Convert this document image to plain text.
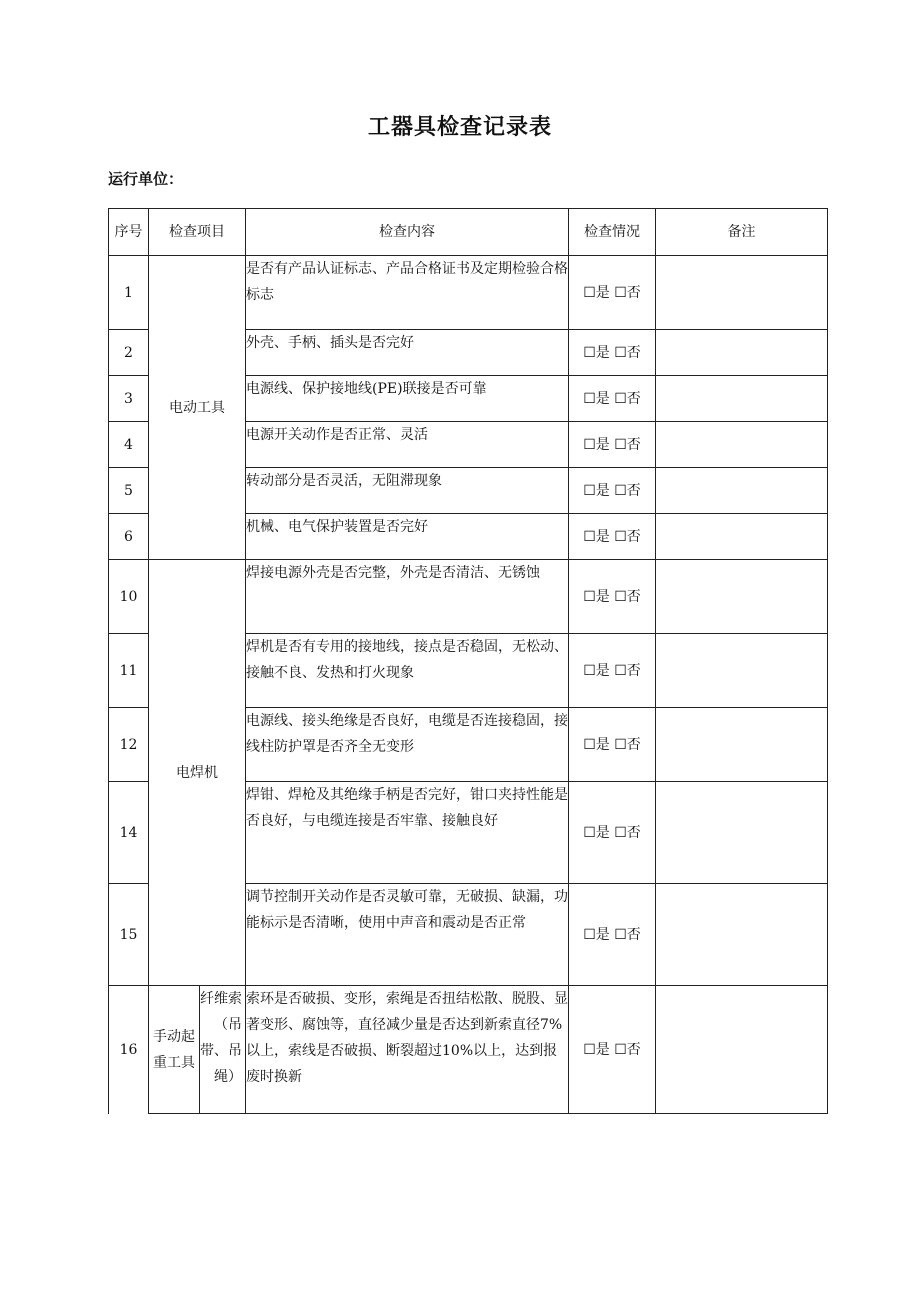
工器具检查记录表
运行单位：
序号	检查项目		检查内容	检查情况	备注
1	电动工具		是否有产品认证标志、产品合格证书及定期检验合格标志	☐是 ☐否	
2			外壳、手柄、插头是否完好	☐是 ☐否	
3			电源线、保护接地线(PE)联接是否可靠	☐是 ☐否	
4			电源开关动作是否正常、灵活	☐是 ☐否	
5			转动部分是否灵活，无阻滞现象	☐是 ☐否	
6			机械、电气保护装置是否完好	☐是 ☐否	
10	电焊机		焊接电源外壳是否完整，外壳是否清洁、无锈蚀	☐是 ☐否	
11			焊机是否有专用的接地线，接点是否稳固，无松动、接触不良、发热和打火现象	☐是 ☐否	
12			电源线、接头绝缘是否良好，电缆是否连接稳固，接线柱防护罩是否齐全无变形	☐是 ☐否	
14			焊钳、焊枪及其绝缘手柄是否完好，钳口夹持性能是否良好，与电缆连接是否牢靠、接触良好	☐是 ☐否	
15			调节控制开关动作是否灵敏可靠，无破损、缺漏，功能标示是否清晰，使用中声音和震动是否正常	☐是 ☐否	
16	手动起重工具	纤维索（吊带、吊绳）	索环是否破损、变形，索绳是否扭结松散、脱股、显著变形、腐蚀等，直径减少量是否达到新索直径7%以上，索线是否破损、断裂超过10%以上，达到报废时换新	☐是 ☐否	
